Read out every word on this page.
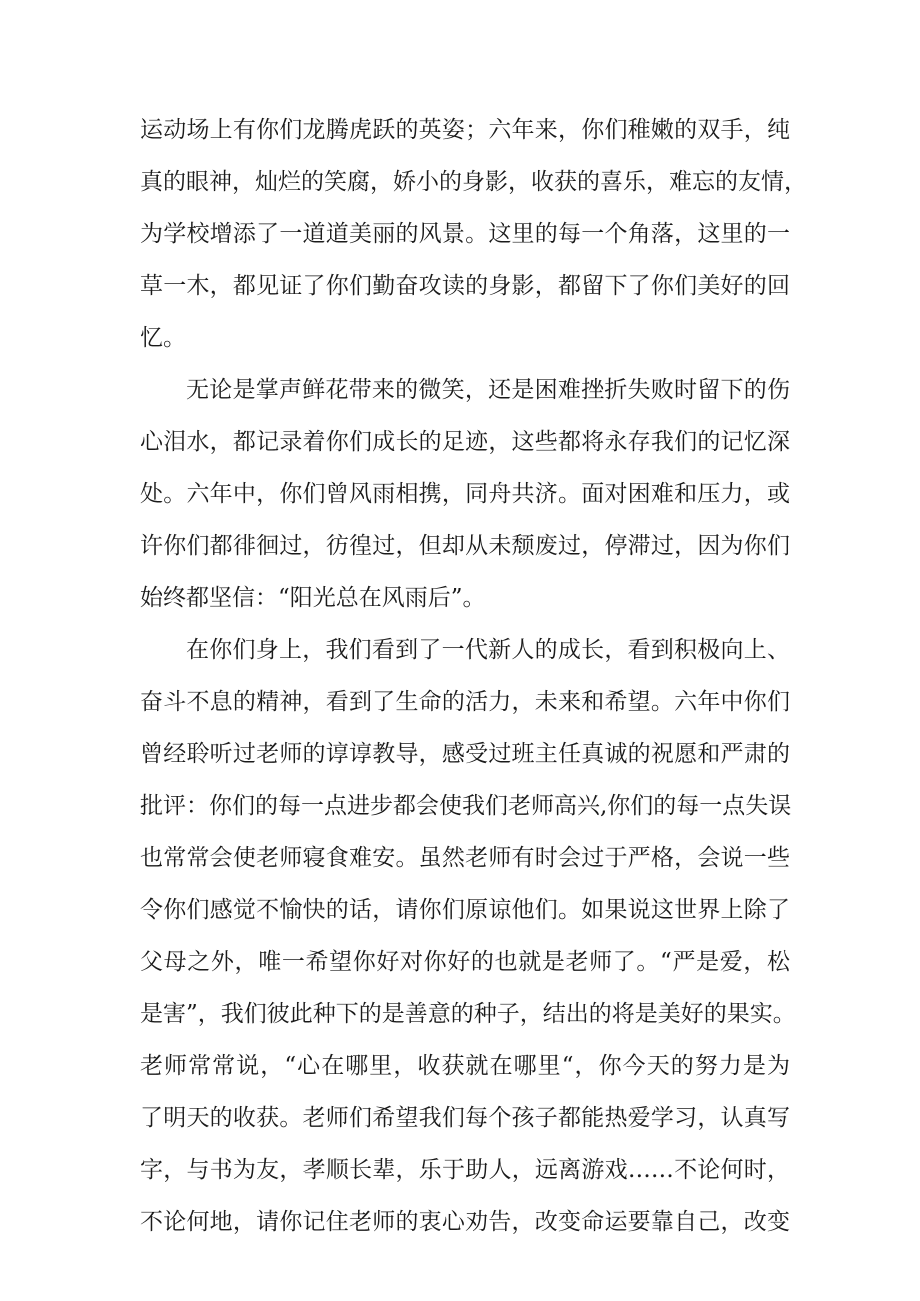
运动场上有你们龙腾虎跃的英姿；六年来，你们稚嫩的双手，纯
真的眼神，灿烂的笑腐，娇小的身影，收获的喜乐，难忘的友情，
为学校增添了一道道美丽的风景。这里的每一个角落，这里的一
草一木，都见证了你们勤奋攻读的身影，都留下了你们美好的回
忆。
无论是掌声鲜花带来的微笑，还是困难挫折失败时留下的伤
心泪水，都记录着你们成长的足迹，这些都将永存我们的记忆深
处。六年中，你们曾风雨相携，同舟共济。面对困难和压力，或
许你们都徘徊过，彷徨过，但却从未颓废过，停滞过，因为你们
始终都坚信：“阳光总在风雨后”。
在你们身上，我们看到了一代新人的成长，看到积极向上、
奋斗不息的精神，看到了生命的活力，未来和希望。六年中你们
曾经聆听过老师的谆谆教导，感受过班主任真诚的祝愿和严肃的
批评：你们的每一点进步都会使我们老师高兴,你们的每一点失误
也常常会使老师寝食难安。虽然老师有时会过于严格，会说一些
令你们感觉不愉快的话，请你们原谅他们。如果说这世界上除了
父母之外，唯一希望你好对你好的也就是老师了。“严是爱，松
是害”，我们彼此种下的是善意的种子，结出的将是美好的果实。
老师常常说，“心在哪里，收获就在哪里“，你今天的努力是为
了明天的收获。老师们希望我们每个孩子都能热爱学习，认真写
字，与书为友，孝顺长辈，乐于助人，远离游戏……不论何时，
不论何地，请你记住老师的衷心劝告，改变命运要靠自己，改变
